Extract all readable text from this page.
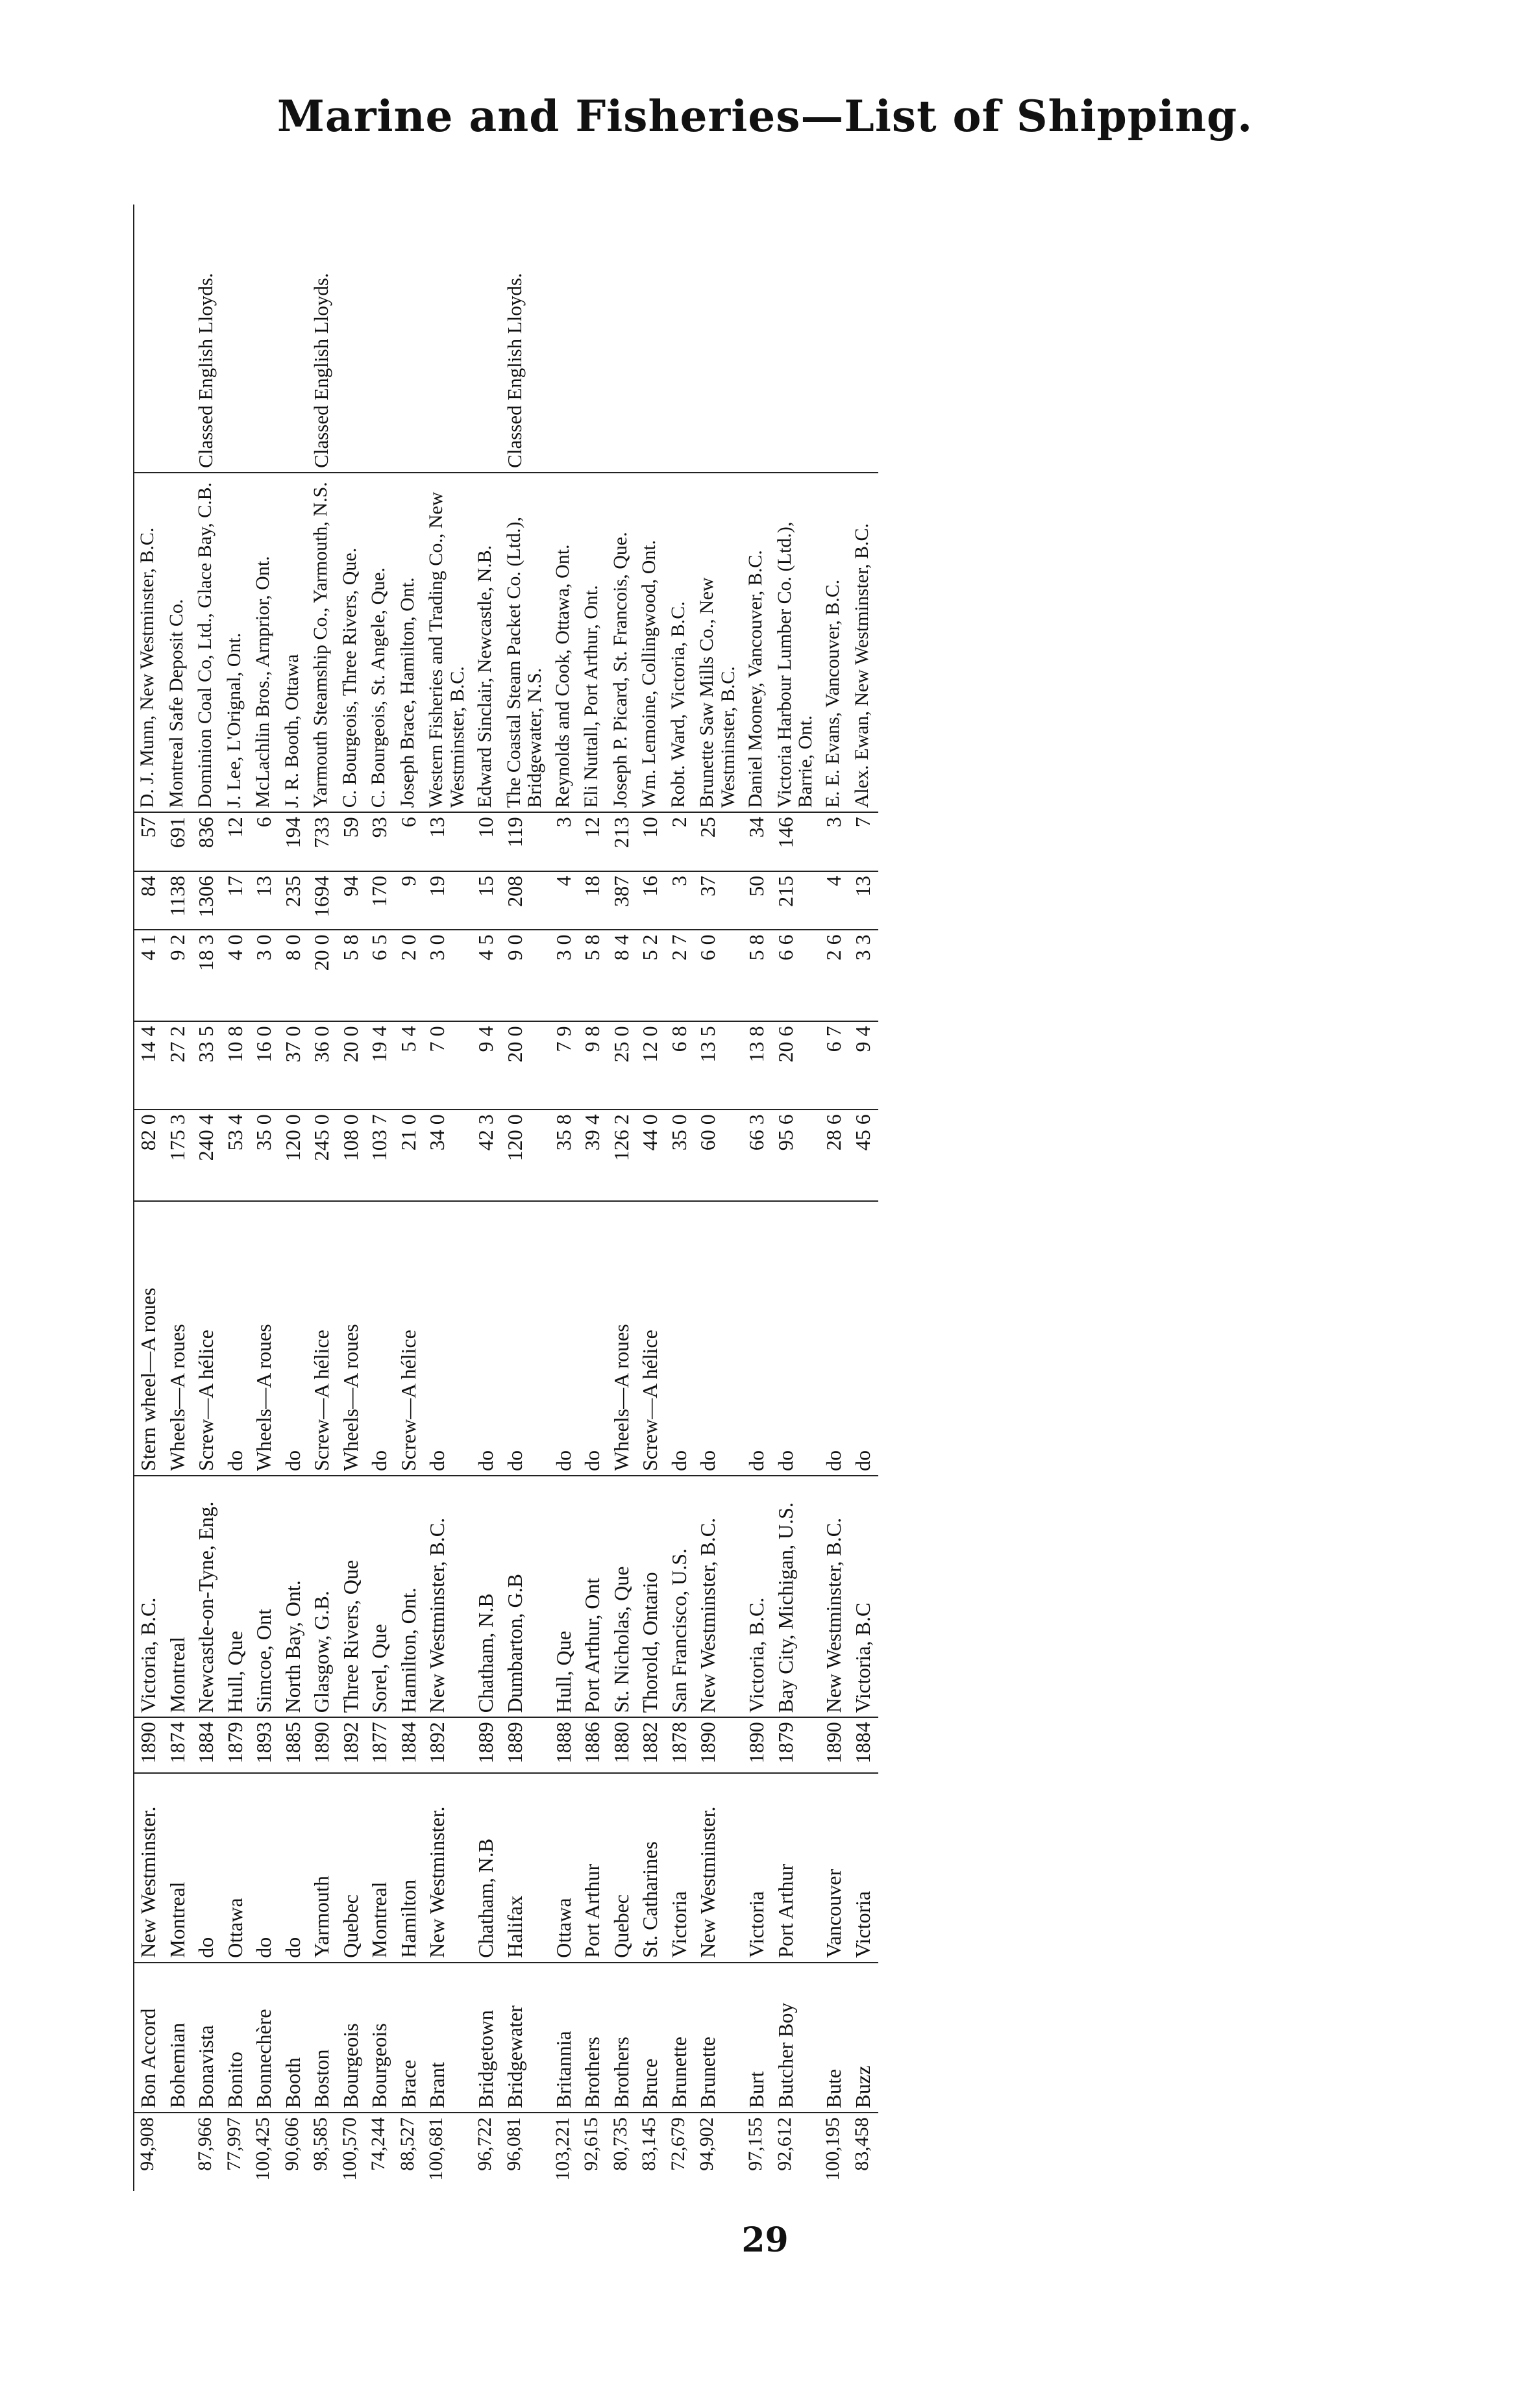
Marine and Fisheries—List of Shipping.
94,908	Bon Accord	New Westminster.	1890	Victoria, B.C.	Stern wheel—A roues	82 0	14 4	4 1	84	57	D. J. Munn, New Westminster, B.C.	
	Bohemian	Montreal	1874	Montreal	Wheels—A roues	175 3	27 2	9 2	1138	691	Montreal Safe Deposit Co.	
87,966	Bonavista	do	1884	Newcastle-on-Tyne, Eng.	Screw—A hélice	240 4	33 5	18 3	1306	836	Dominion Coal Co, Ltd., Glace Bay, C.B.	Classed English Lloyds.
77,997	Bonito	Ottawa	1879	Hull, Que	do	53 4	10 8	4 0	17	12	J. Lee, L'Orignal, Ont.	
100,425	Bonnechère	do	1893	Simcoe, Ont	Wheels—A roues	35 0	16 0	3 0	13	6	McLachlin Bros., Arnprior, Ont.	
90,606	Booth	do	1885	North Bay, Ont.	do	120 0	37 0	8 0	235	194	J. R. Booth, Ottawa	
98,585	Boston	Yarmouth	1890	Glasgow, G.B.	Screw—A hélice	245 0	36 0	20 0	1694	733	Yarmouth Steamship Co., Yarmouth, N.S.	Classed English Lloyds.
100,570	Bourgeois	Quebec	1892	Three Rivers, Que	Wheels—A roues	108 0	20 0	5 8	94	59	C. Bourgeois, Three Rivers, Que.	
74,244	Bourgeois	Montreal	1877	Sorel, Que	do	103 7	19 4	6 5	170	93	C. Bourgeois, St. Angele, Que.	
88,527	Brace	Hamilton	1884	Hamilton, Ont.	Screw—A hélice	21 0	5 4	2 0	9	6	Joseph Brace, Hamilton, Ont.	
100,681	Brant	New Westminster.	1892	New Westminster, B.C.	do	34 0	7 0	3 0	19	13	Western Fisheries and Trading Co., New Westminster, B.C.	
96,722	Bridgetown	Chatham, N.B	1889	Chatham, N.B	do	42 3	9 4	4 5	15	10	Edward Sinclair, Newcastle, N.B.	
96,081	Bridgewater	Halifax	1889	Dumbarton, G.B	do	120 0	20 0	9 0	208	119	The Coastal Steam Packet Co. (Ltd.), Bridgewater, N.S.	Classed English Lloyds.
103,221	Britannia	Ottawa	1888	Hull, Que	do	35 8	7 9	3 0	4	3	Reynolds and Cook, Ottawa, Ont.	
92,615	Brothers	Port Arthur	1886	Port Arthur, Ont	do	39 4	9 8	5 8	18	12	Eli Nuttall, Port Arthur, Ont.	
80,735	Brothers	Quebec	1880	St. Nicholas, Que	Wheels—A roues	126 2	25 0	8 4	387	213	Joseph P. Picard, St. Francois, Que.	
83,145	Bruce	St. Catharines	1882	Thorold, Ontario	Screw—A hélice	44 0	12 0	5 2	16	10	Wm. Lemoine, Collingwood, Ont.	
72,679	Brunette	Victoria	1878	San Francisco, U.S.	do	35 0	6 8	2 7	3	2	Robt. Ward, Victoria, B.C.	
94,902	Brunette	New Westminster.	1890	New Westminster, B.C.	do	60 0	13 5	6 0	37	25	Brunette Saw Mills Co., New Westminster, B.C.	
97,155	Burt	Victoria	1890	Victoria, B.C.	do	66 3	13 8	5 8	50	34	Daniel Mooney, Vancouver, B.C.	
92,612	Butcher Boy	Port Arthur	1879	Bay City, Michigan, U.S.	do	95 6	20 6	6 6	215	146	Victoria Harbour Lumber Co. (Ltd.), Barrie, Ont.	
100,195	Bute	Vancouver	1890	New Westminster, B.C.	do	28 6	6 7	2 6	4	3	E. E. Evans, Vancouver, B.C.	
83,458	Buzz	Victoria	1884	Victoria, B.C	do	45 6	9 4	3 3	13	7	Alex. Ewan, New Westminster, B.C.	
29
